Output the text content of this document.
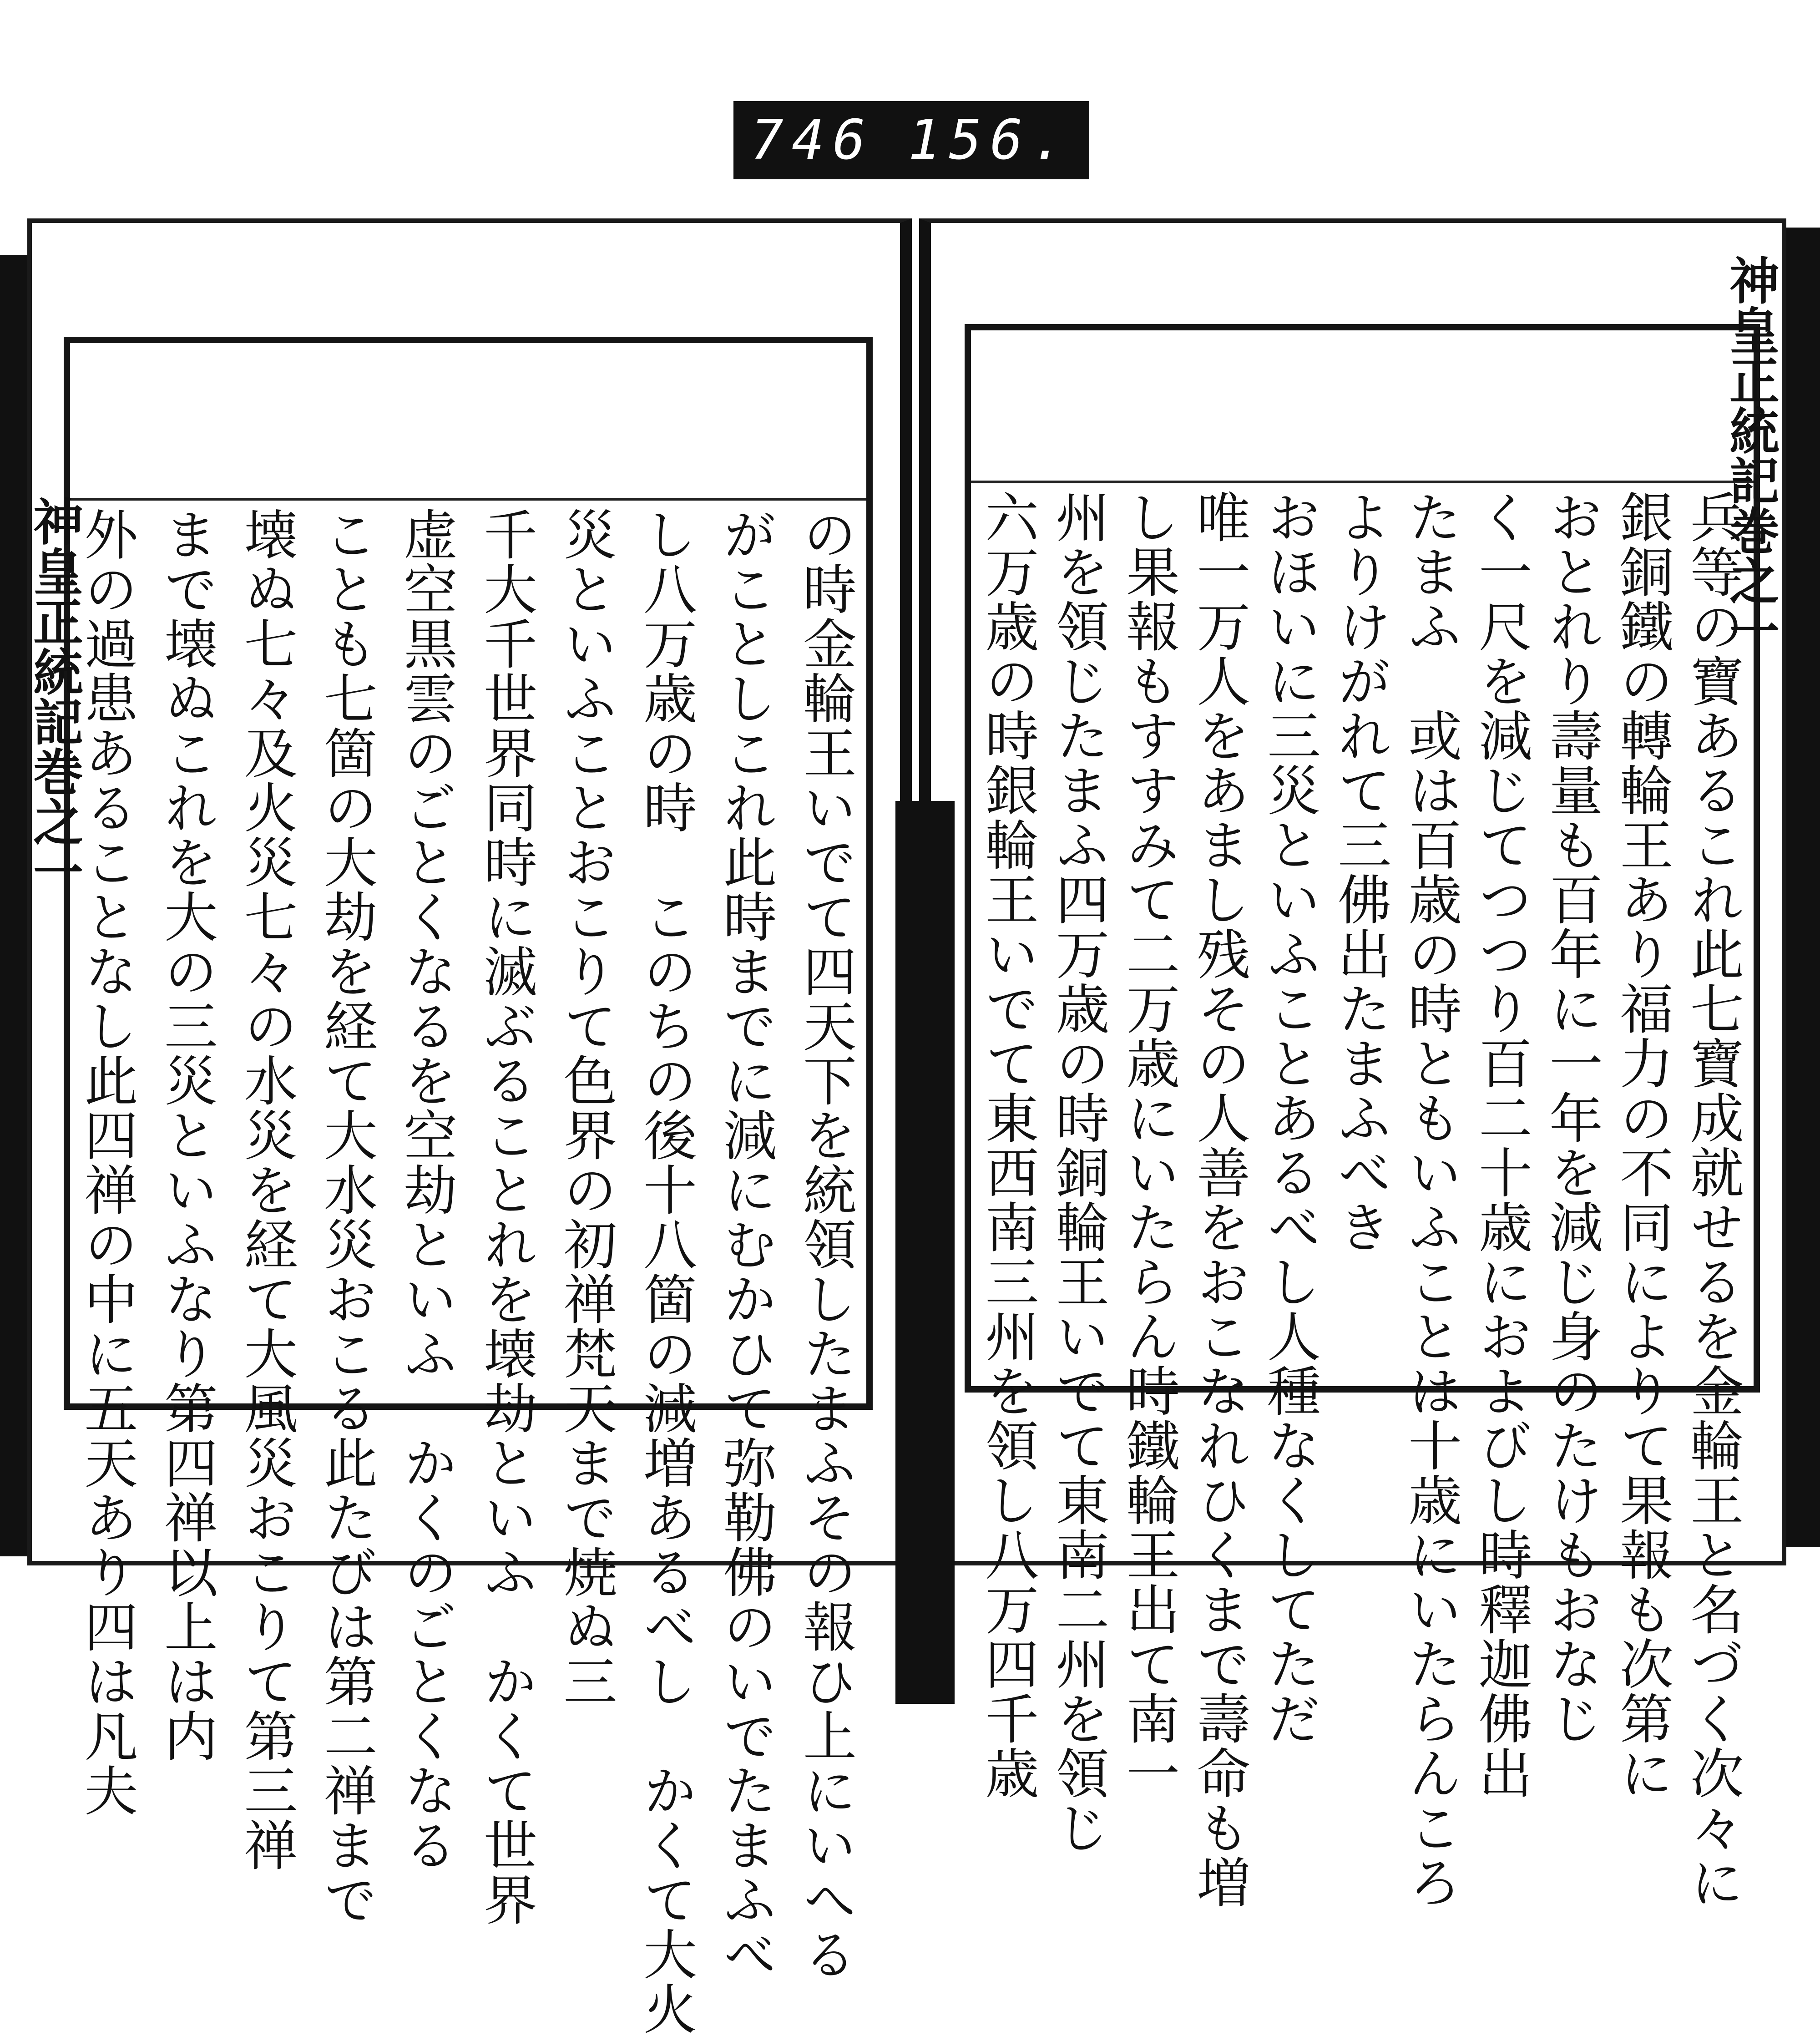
746 156.
の時金輪王いでて四天下を統領したまふその報ひ上にいへる
がことしこれ此時までに減にむかひて弥勒佛のいでたまふべ
し八万歳の時　このちの後十八箇の減増あるべし　かくて大火
災といふことおこりて色界の初禅梵天まで焼ぬ三
千大千世界同時に滅ぶることれを壊劫といふ　かくて世界
虚空黒雲のごとくなるを空劫といふ　かくのごとくなる
ことも七箇の大劫を経て大水災おこる此たびは第二禅まで
壊ぬ七々及火災七々の水災を経て大風災おこりて第三禅
まで壊ぬこれを大の三災といふなり第四禅以上は内
外の過患あることなし此四禅の中に五天あり四は凡夫
神皇正統記巻之一	兵等の寶あるこれ此七寶成就せるを金輪王と名づく次々に
銀銅鐵の轉輪王あり福力の不同によりて果報も次第に
おとれり壽量も百年に一年を減じ身のたけもおなじ
く一尺を減じてつつり百二十歳におよびし時釋迦佛出
たまふ　或は百歳の時ともいふことは十歳にいたらんころ
よりけがれて三佛出たまふべき
おほいに三災といふことあるべし人種なくしてただ
唯一万人をあまし残その人善をおこなれひくまで壽命も増
し果報もすすみて二万歳にいたらん時鐵輪王出て南一
州を領じたまふ四万歳の時銅輪王いでて東南二州を領じ
六万歳の時銀輪王いでて東西南三州を領し八万四千歳
神皇正統記巻之一
